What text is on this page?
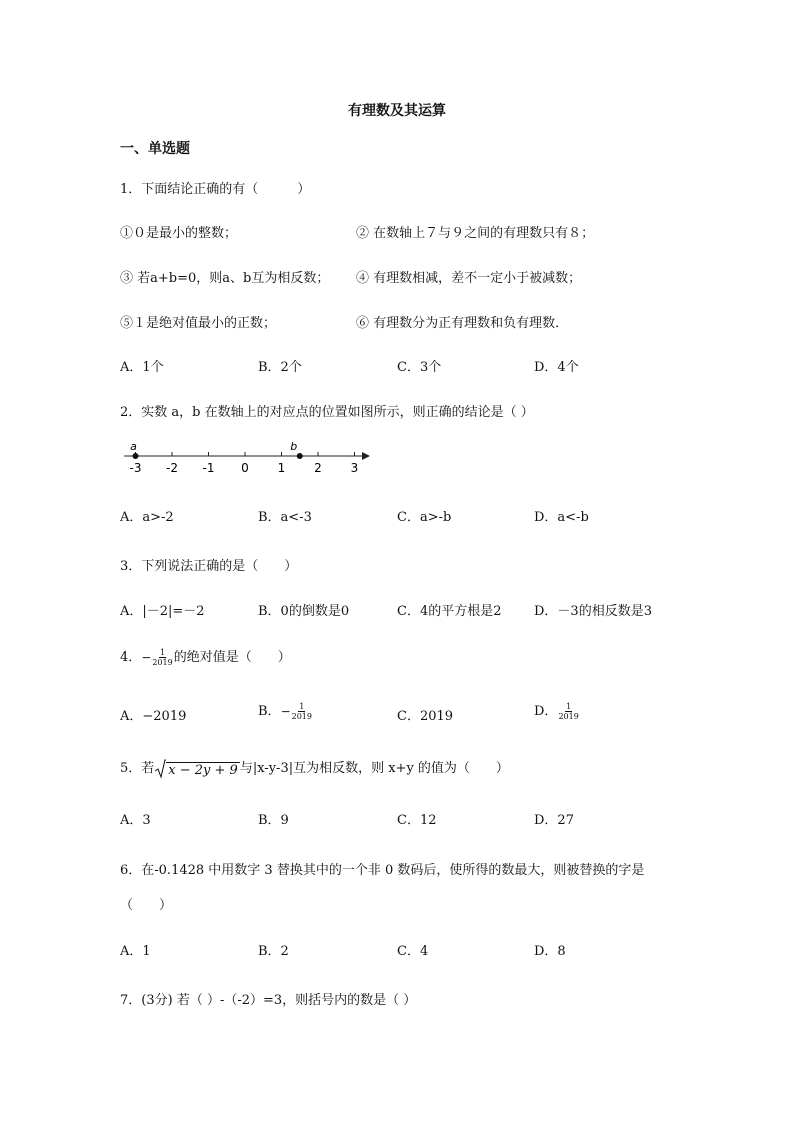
有理数及其运算
一、单选题
1．下面结论正确的有（　　　）
①０是最小的整数；	② 在数轴上７与９之间的有理数只有８；
③ 若a+b=0，则a、b互为相反数； ④ 有理数相减，差不一定小于被减数；
⑤１是绝对值最小的正数；	⑥ 有理数分为正有理数和负有理数．
A．1个	B．2个	C．3个	D．4个
2．实数 a，b 在数轴上的对应点的位置如图所示，则正确的结论是（ ）
-3 -2 -1 0 1 2 3
a	b
A．a>-2	B．a<-3	C．a>-b	D．a<-b
3．下列说法正确的是（　　）
A．|－2|=－2	B．0的倒数是0	C．4的平方根是2	D．－3的相反数是3
4．− $\frac{1}{2019}$ 的绝对值是（　　）
A．−2019	B．− $\frac{1}{2019}$	C．2019	D． $\frac{1}{2019}$
5．若 x − 2y + 9 与|x-y-3|互为相反数，则 x+y 的值为（　　）
A．3	B．9	C．12	D．27
6．在-0.1428 中用数字 3 替换其中的一个非 0 数码后，使所得的数最大，则被替换的字是
（　　）
A．1	B．2	C．4	D．8
7．(3分) 若（ ）-（-2）=3，则括号内的数是（ ）
